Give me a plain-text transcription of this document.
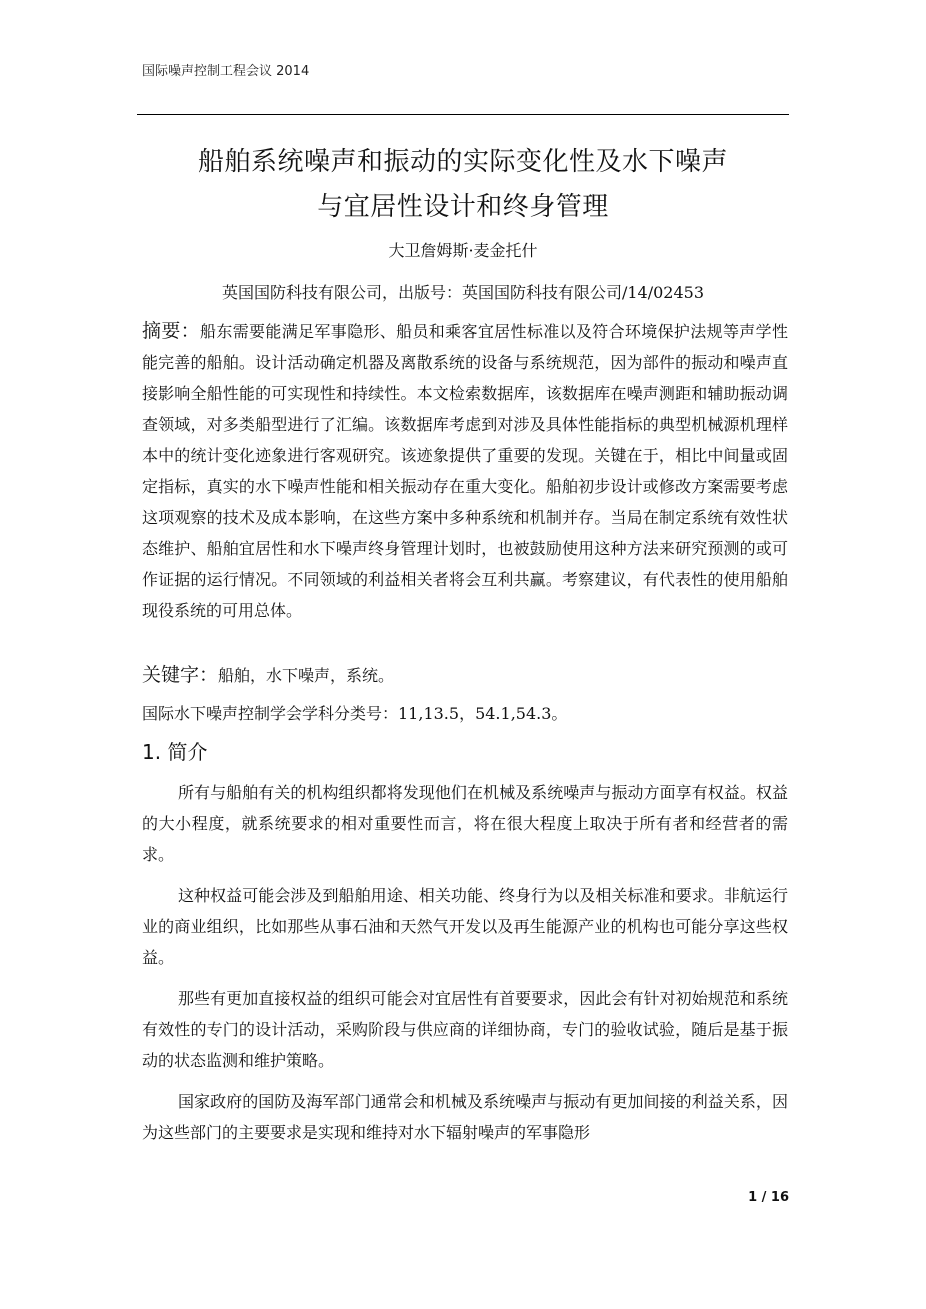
国际噪声控制工程会议 2014
船舶系统噪声和振动的实际变化性及水下噪声
与宜居性设计和终身管理
大卫詹姆斯·麦金托什
英国国防科技有限公司，出版号：英国国防科技有限公司/14/02453
摘要：船东需要能满足军事隐形、船员和乘客宜居性标准以及符合环境保护法规等声学性能完善的船舶。设计活动确定机器及离散系统的设备与系统规范，因为部件的振动和噪声直接影响全船性能的可实现性和持续性。本文检索数据库，该数据库在噪声测距和辅助振动调查领域，对多类船型进行了汇编。该数据库考虑到对涉及具体性能指标的典型机械源机理样本中的统计变化迹象进行客观研究。该迹象提供了重要的发现。关键在于，相比中间量或固定指标，真实的水下噪声性能和相关振动存在重大变化。船舶初步设计或修改方案需要考虑这项观察的技术及成本影响，在这些方案中多种系统和机制并存。当局在制定系统有效性状态维护、船舶宜居性和水下噪声终身管理计划时，也被鼓励使用这种方法来研究预测的或可作证据的运行情况。不同领域的利益相关者将会互利共赢。考察建议，有代表性的使用船舶现役系统的可用总体。
关键字：船舶，水下噪声，系统。
国际水下噪声控制学会学科分类号：11,13.5，54.1,54.3。
1. 简介
所有与船舶有关的机构组织都将发现他们在机械及系统噪声与振动方面享有权益。权益的大小程度，就系统要求的相对重要性而言，将在很大程度上取决于所有者和经营者的需求。
这种权益可能会涉及到船舶用途、相关功能、终身行为以及相关标准和要求。非航运行业的商业组织，比如那些从事石油和天然气开发以及再生能源产业的机构也可能分享这些权益。
那些有更加直接权益的组织可能会对宜居性有首要要求，因此会有针对初始规范和系统有效性的专门的设计活动，采购阶段与供应商的详细协商，专门的验收试验，随后是基于振动的状态监测和维护策略。
国家政府的国防及海军部门通常会和机械及系统噪声与振动有更加间接的利益关系，因为这些部门的主要要求是实现和维持对水下辐射噪声的军事隐形
1 / 16
